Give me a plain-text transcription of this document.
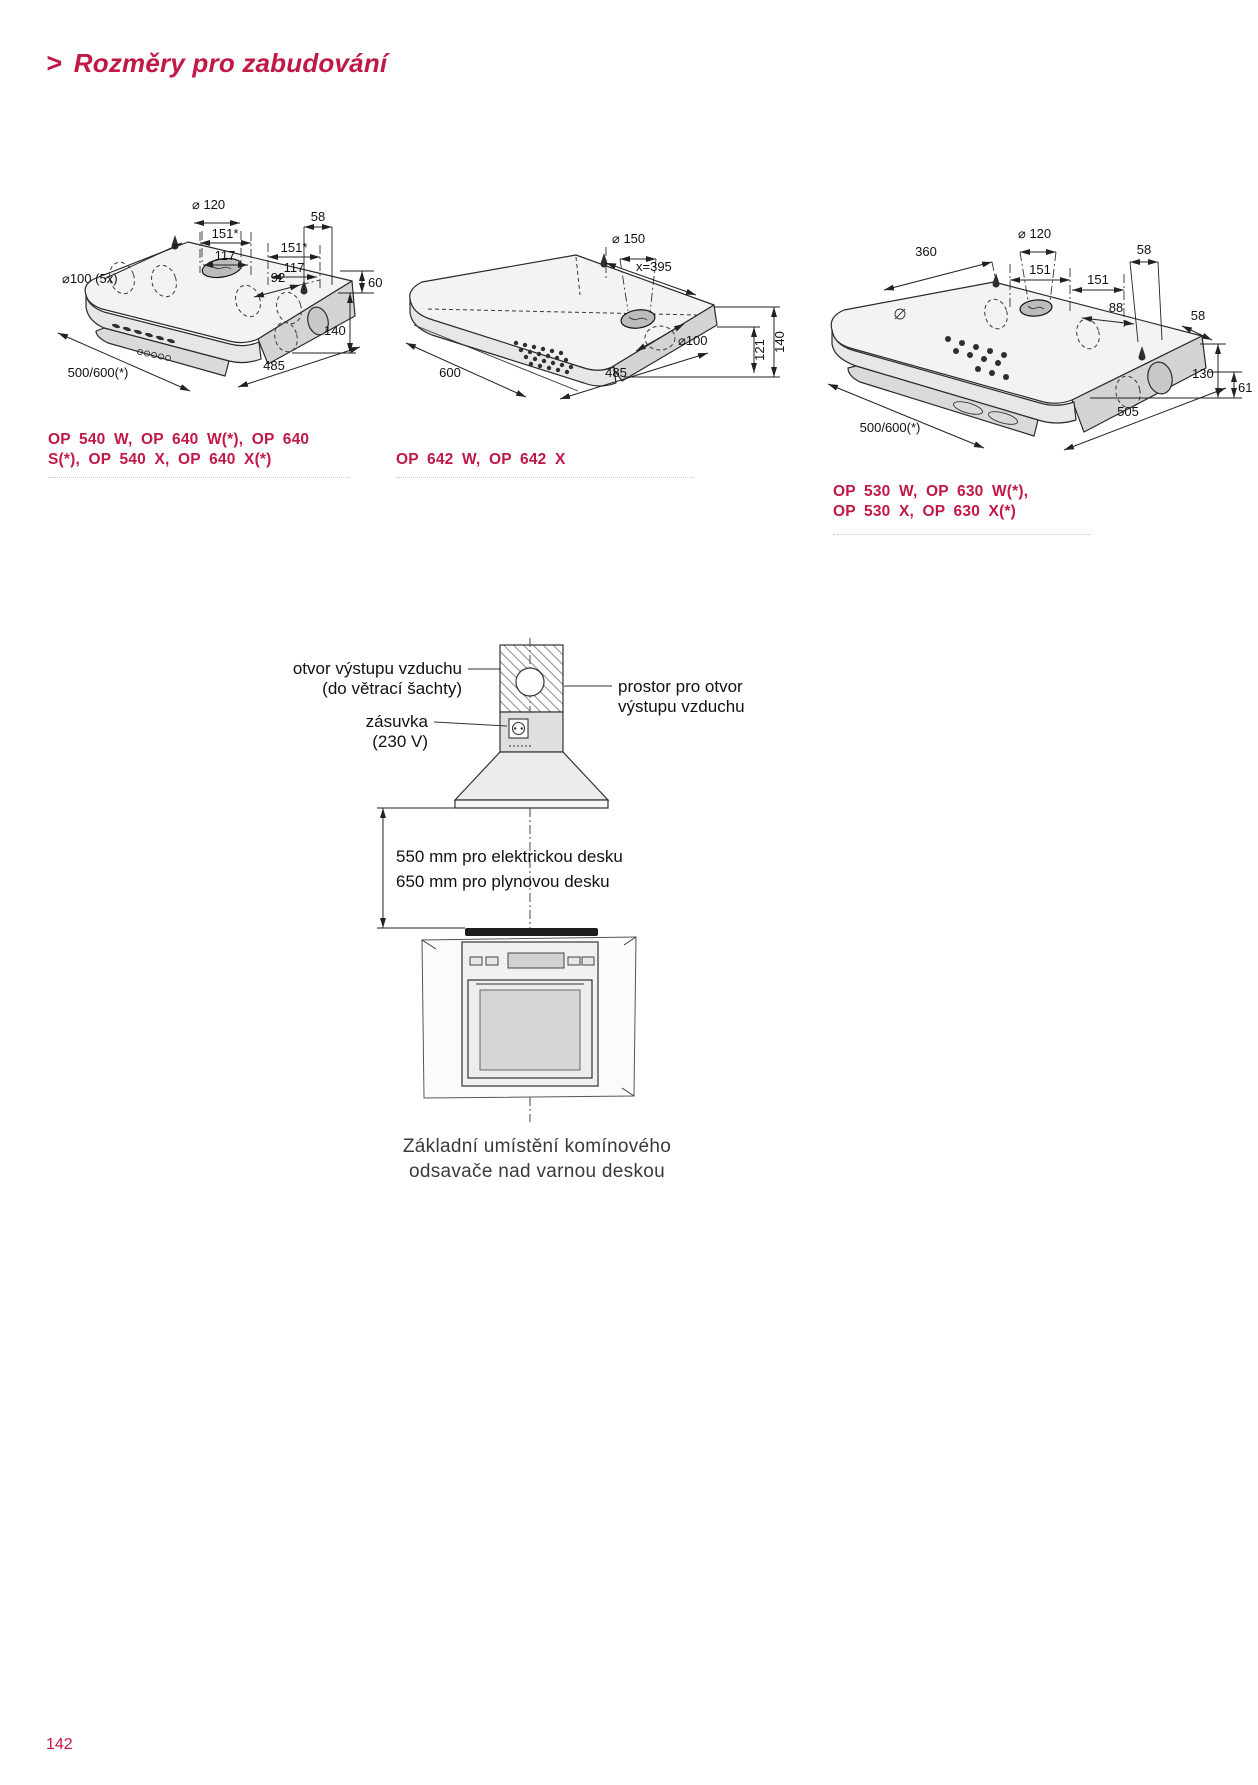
> Rozměry pro zabudování
⌀100 (5x)
⌀ 120
151*
117
151*
117
58
60
140
92
485
500/600(*)
⌀ 150
x=395
⌀100	121 140
600	485
360
⌀ 120
151
151
88
58
58
130
61
505
500/600(*)
OP 540 W, OP 640 W(*), OP 640
S(*), OP 540 X, OP 640 X(*)	OP 642 W, OP 642 X
OP 530 W, OP 630 W(*),
OP 530 X, OP 630 X(*)
otvor výstupu vzduchu
(do větrací šachty)	prostor pro otvor
výstupu vzduchu
zásuvka
(230 V)
550 mm pro elektrickou desku
650 mm pro plynovou desku
Základní umístění komínového
odsavače nad varnou deskou
142
